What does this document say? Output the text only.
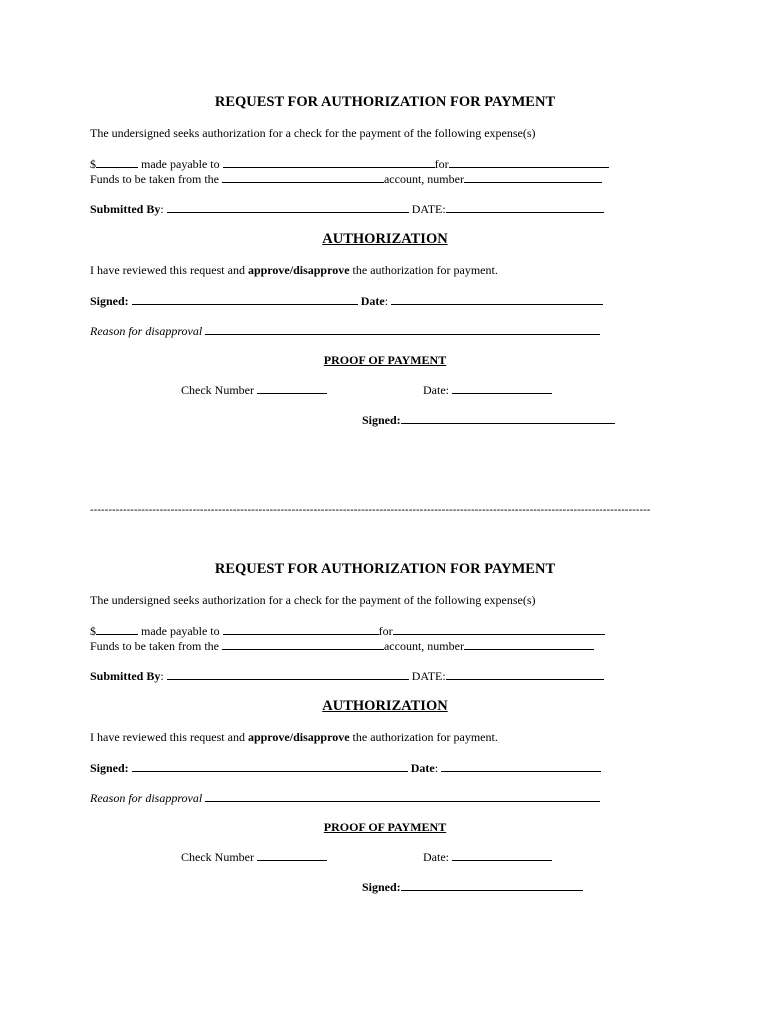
REQUEST FOR AUTHORIZATION FOR PAYMENT
The undersigned seeks authorization for a check for the payment of the following expense(s)
$	made payable to	for
Funds to be taken from the	account, number
Submitted By:	DATE:
AUTHORIZATION
I have reviewed this request and approve/disapprove the authorization for payment.
Signed:	Date:
Reason for disapproval
PROOF OF PAYMENT
Check Number	Date:
Signed:
---------------------------------------------------------------------------------------------------------------------------------------------------------
REQUEST FOR AUTHORIZATION FOR PAYMENT
The undersigned seeks authorization for a check for the payment of the following expense(s)
$	made payable to	for
Funds to be taken from the	account, number
Submitted By:	DATE:
AUTHORIZATION
I have reviewed this request and approve/disapprove the authorization for payment.
Signed:	Date:
Reason for disapproval
PROOF OF PAYMENT
Check Number	Date:
Signed:
